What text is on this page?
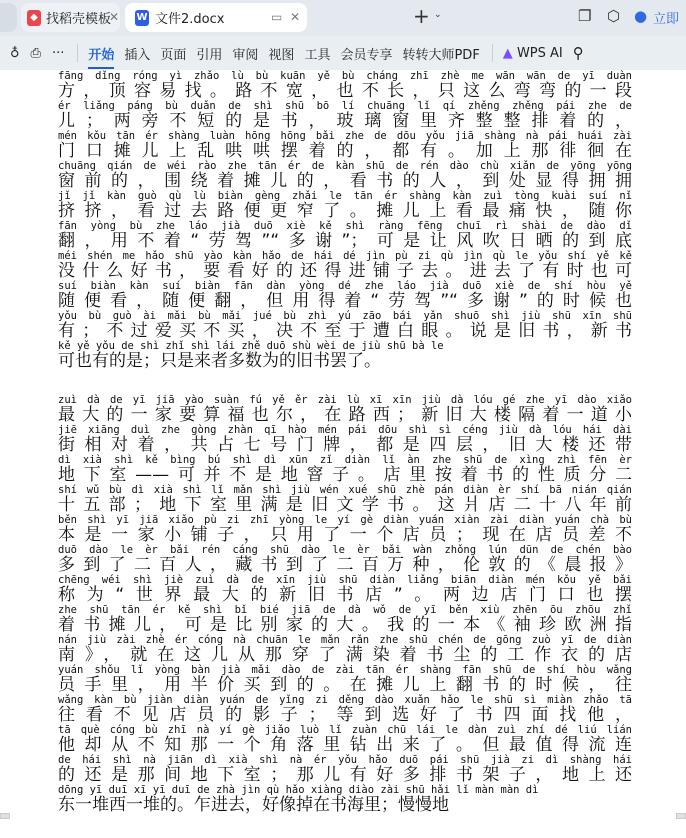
◆ 找稻壳模板
✕ W 文件2.docx	▭ ✕	+ ⌄	❐ ⬡ ● 立即
♁ ⎙ ··· 开始 插入 页面 引用 审阅 视图 工具 会员专享 转转大师PDF ▲ WPS AI ⚲
fāng dǐng róng yì zhǎo lù bù kuān yě bù cháng zhī zhè me wān wān de yī duàn
方，顶容易找。路不宽，也不长，只这么弯弯的一段
ér liǎng páng bù duǎn de shì shū bō lí chuāng lǐ qí zhěng zhěng pái zhe de
儿；两旁不短的是书，玻璃窗里齐整整排着的，
mén kǒu tān ér shàng luàn hōng hōng bǎi zhe de dōu yǒu jiā shàng nà pái huái zài
门口摊儿上乱哄哄摆着的，都有。加上那徘徊在
chuāng qián de wéi rào zhe tān ér de kàn shū de rén dào chù xiǎn de yōng yōng
窗前的，围绕着摊儿的，看书的人，到处显得拥拥
jǐ jǐ kàn guò qù lù biàn gèng zhǎi le tān ér shàng kàn zuì tòng kuài suí nǐ
挤挤，看过去路便更窄了。摊儿上看最痛快，随你
fān yòng bù zhe láo jià duō xiè kě shì ràng fēng chuī rì shài de dào dǐ
翻，用不着“劳驾”“多谢”；可是让风吹日晒的到底
méi shén me hǎo shū yào kàn hǎo de hái dé jìn pù zi qù jìn qù le yǒu shí yě kě
没什么好书，要看好的还得进铺子去。进去了有时也可
suí biàn kàn suí biàn fān dàn yòng dé zhe láo jià duō xiè de shí hòu yě
随便看，随便翻，但用得着“劳驾”“多谢”的时候也
yǒu bù guò ài mǎi bù mǎi jué bù zhì yú zāo bái yǎn shuō shì jiù shū xīn shū
有；不过爱买不买，决不至于遭白眼。说是旧书，新书
kě yě yǒu de shì zhǐ shì lái zhě duō shù wèi de jiù shū bà le
可也有的是；只是来者多数为的旧书罢了。
zuì dà de yī jiā yào suàn fú yě ěr zài lù xī xīn jiù dà lóu gé zhe yī dào xiǎo
最大的一家要算福也尔，在路西；新旧大楼隔着一道小
jiē xiāng duì zhe gòng zhàn qī hào mén pái dōu shì sì céng jiù dà lóu hái dài
街相对着，共占七号门牌，都是四层，旧大楼还带
dì xià shì kě bìng bú shì dì xūn zǐ diàn lǐ àn zhe shū de xìng zhì fēn èr
地下室——可并不是地窨子。店里按着书的性质分二
shí wǔ bù dì xià shì lǐ mǎn shì jiù wén xué shū zhè pán diàn èr shí bā nián qián
十五部；地下室里满是旧文学书。这爿店二十八年前
běn shì yī jiā xiǎo pù zi zhī yòng le yí gè diàn yuán xiàn zài diàn yuán chà bù
本是一家小铺子，只用了一个店员；现在店员差不
duō dào le èr bǎi rén cáng shū dào le èr bǎi wàn zhǒng lún dūn de chén bào
多到了二百人，藏书到了二百万种，伦敦的《晨报》
chēng wéi shì jiè zuì dà de xīn jiù shū diàn liǎng biān diàn mén kǒu yě bǎi
称为“世界最大的新旧书店”。两边店门口也摆
zhe shū tān ér kě shì bǐ bié jiā de dà wǒ de yī běn xiù zhēn ōu zhōu zhǐ
着书摊儿，可是比别家的大。我的一本《袖珍欧洲指
nán jiù zài zhè ér cóng nà chuān le mǎn rǎn zhe shū chén de gōng zuò yī de diàn
南》，就在这儿从那穿了满染着书尘的工作衣的店
yuán shǒu lǐ yòng bàn jià mǎi dào de zài tān ér shàng fān shū de shí hòu wǎng
员手里，用半价买到的。在摊儿上翻书的时候，往
wǎng kàn bù jiàn diàn yuán de yǐng zi děng dào xuǎn hǎo le shū sì miàn zhǎo tā
往看不见店员的影子；等到选好了书四面找他，
tā què cóng bù zhī nà yí gè jiǎo luò lǐ zuàn chū lái le dàn zuì zhí dé liú lián
他却从不知那一个角落里钻出来了。但最值得流连
de hái shì nà jiān dì xià shì nà ér yǒu hǎo duō pái shū jià zi dì shàng hái
的还是那间地下室；那儿有好多排书架子，地上还
dōng yī duī xī yī duī de zhà jìn qù hǎo xiàng diào zài shū hǎi lǐ màn màn dì
东一堆西一堆的。乍进去，好像掉在书海里；慢慢地
